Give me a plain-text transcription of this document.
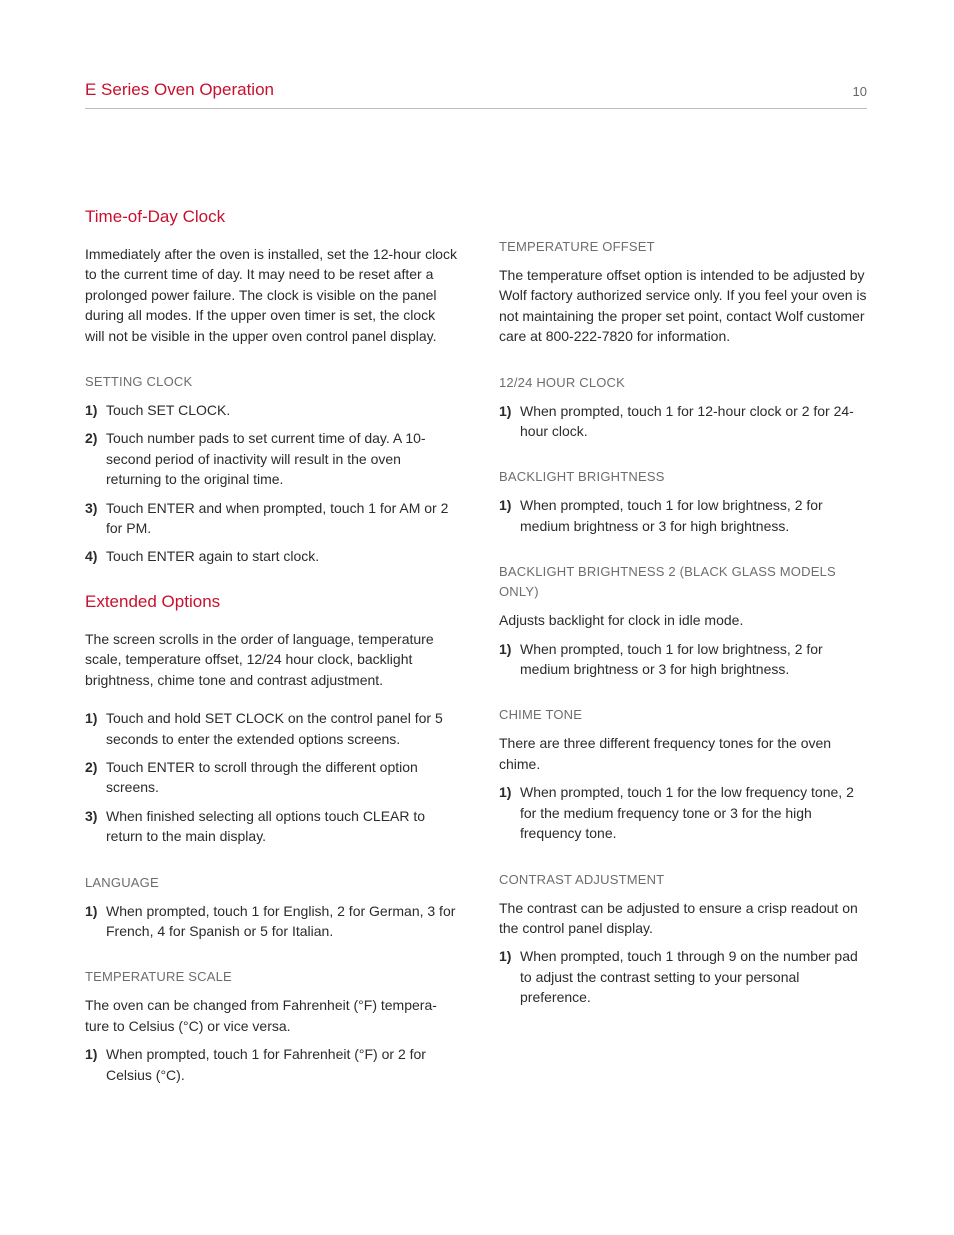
E Series Oven Operation	10
Time-of-Day Clock

Immediately after the oven is installed, set the 12-hour clock to the current time of day. It may need to be reset after a prolonged power failure. The clock is visible on the panel during all modes. If the upper oven timer is set, the clock will not be visible in the upper oven control panel display.

SETTING CLOCK
1) Touch SET CLOCK.
2) Touch number pads to set current time of day. A 10-second period of inactivity will result in the oven returning to the original time.
3) Touch ENTER and when prompted, touch 1 for AM or 2 for PM.
4) Touch ENTER again to start clock.
Extended Options

The screen scrolls in the order of language, temperature scale, temperature offset, 12/24 hour clock, backlight brightness, chime tone and contrast adjustment.

1) Touch and hold SET CLOCK on the control panel for 5 seconds to enter the extended options screens.
2) Touch ENTER to scroll through the different option screens.
3) When finished selecting all options touch CLEAR to return to the main display.
LANGUAGE
1) When prompted, touch 1 for English, 2 for German, 3 for French, 4 for Spanish or 5 for Italian.
TEMPERATURE SCALE

The oven can be changed from Fahrenheit (°F) tempera-ture to Celsius (°C) or vice versa.

1) When prompted, touch 1 for Fahrenheit (°F) or 2 for Celsius (°C).
TEMPERATURE OFFSET

The temperature offset option is intended to be adjusted by Wolf factory authorized service only. If you feel your oven is not maintaining the proper set point, contact Wolf customer care at 800-222-7820 for information.

12/24 HOUR CLOCK
1) When prompted, touch 1 for 12-hour clock or 2 for 24-hour clock.
BACKLIGHT BRIGHTNESS
1) When prompted, touch 1 for low brightness, 2 for medium brightness or 3 for high brightness.
BACKLIGHT BRIGHTNESS 2 (BLACK GLASS MODELS ONLY)

Adjusts backlight for clock in idle mode.

1) When prompted, touch 1 for low brightness, 2 for medium brightness or 3 for high brightness.
CHIME TONE

There are three different frequency tones for the oven chime.

1) When prompted, touch 1 for the low frequency tone, 2 for the medium frequency tone or 3 for the high frequency tone.
CONTRAST ADJUSTMENT

The contrast can be adjusted to ensure a crisp readout on the control panel display.

1) When prompted, touch 1 through 9 on the number pad to adjust the contrast setting to your personal preference.
